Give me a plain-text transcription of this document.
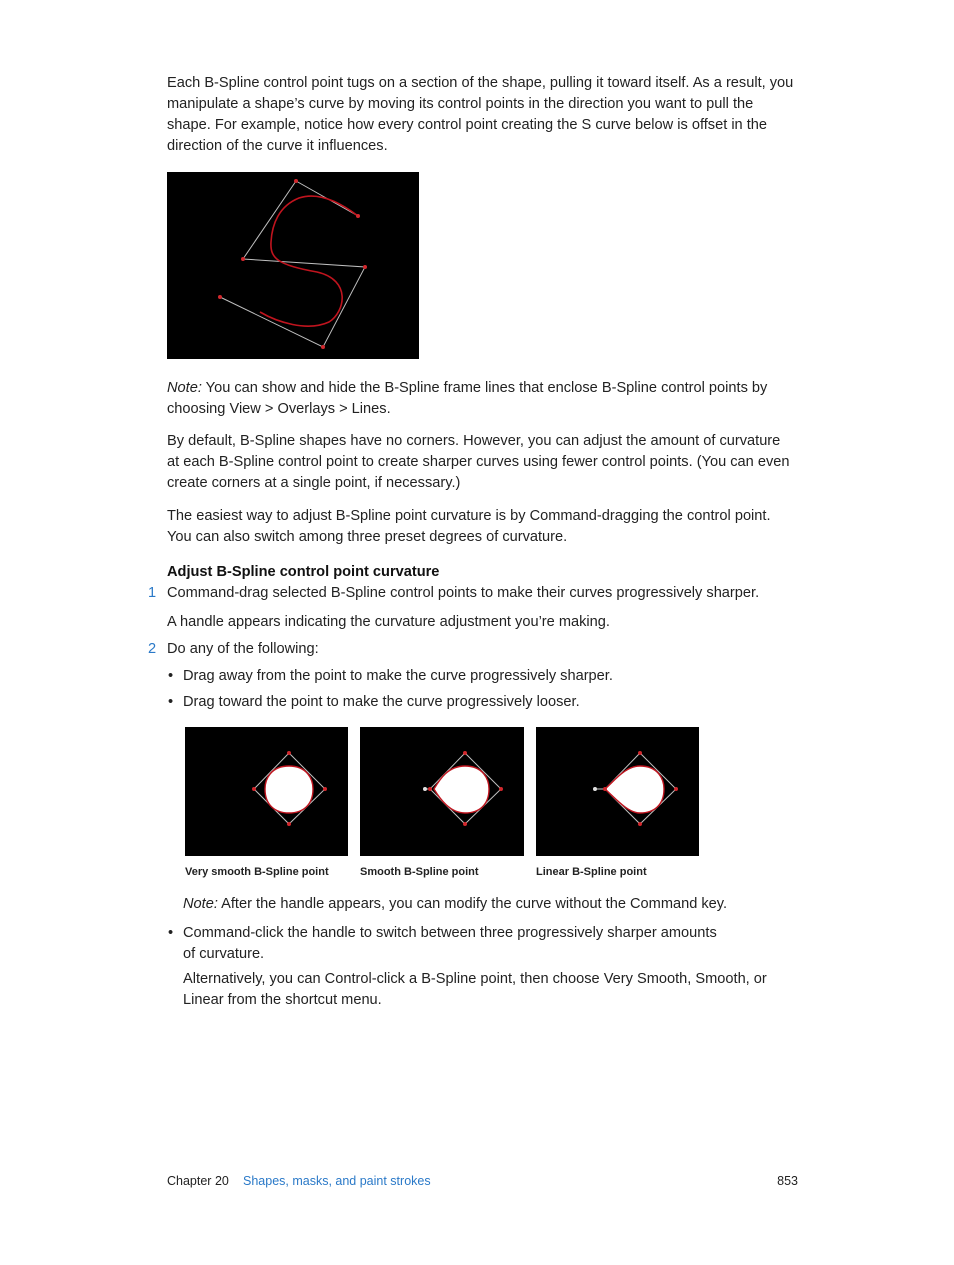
Each B-Spline control point tugs on a section of the shape, pulling it toward itself. As a result, you
manipulate a shape’s curve by moving its control points in the direction you want to pull the
shape. For example, notice how every control point creating the S curve below is offset in the
direction of the curve it influences.
Note: You can show and hide the B-Spline frame lines that enclose B-Spline control points by
choosing View > Overlays > Lines.
By default, B-Spline shapes have no corners. However, you can adjust the amount of curvature
at each B-Spline control point to create sharper curves using fewer control points. (You can even
create corners at a single point, if necessary.)
The easiest way to adjust B-Spline point curvature is by Command-dragging the control point.
You can also switch among three preset degrees of curvature.
Adjust B-Spline control point curvature
1 Command-drag selected B-Spline control points to make their curves progressively sharper.
A handle appears indicating the curvature adjustment you’re making.
2 Do any of the following:
• Drag away from the point to make the curve progressively sharper.
• Drag toward the point to make the curve progressively looser.
Very smooth B-Spline point	Smooth B-Spline point	Linear B-Spline point
Note: After the handle appears, you can modify the curve without the Command key.
• Command-click the handle to switch between three progressively sharper amounts
of curvature.
Alternatively, you can Control-click a B-Spline point, then choose Very Smooth, Smooth, or
Linear from the shortcut menu.
Chapter 20 Shapes, masks, and paint strokes	853
